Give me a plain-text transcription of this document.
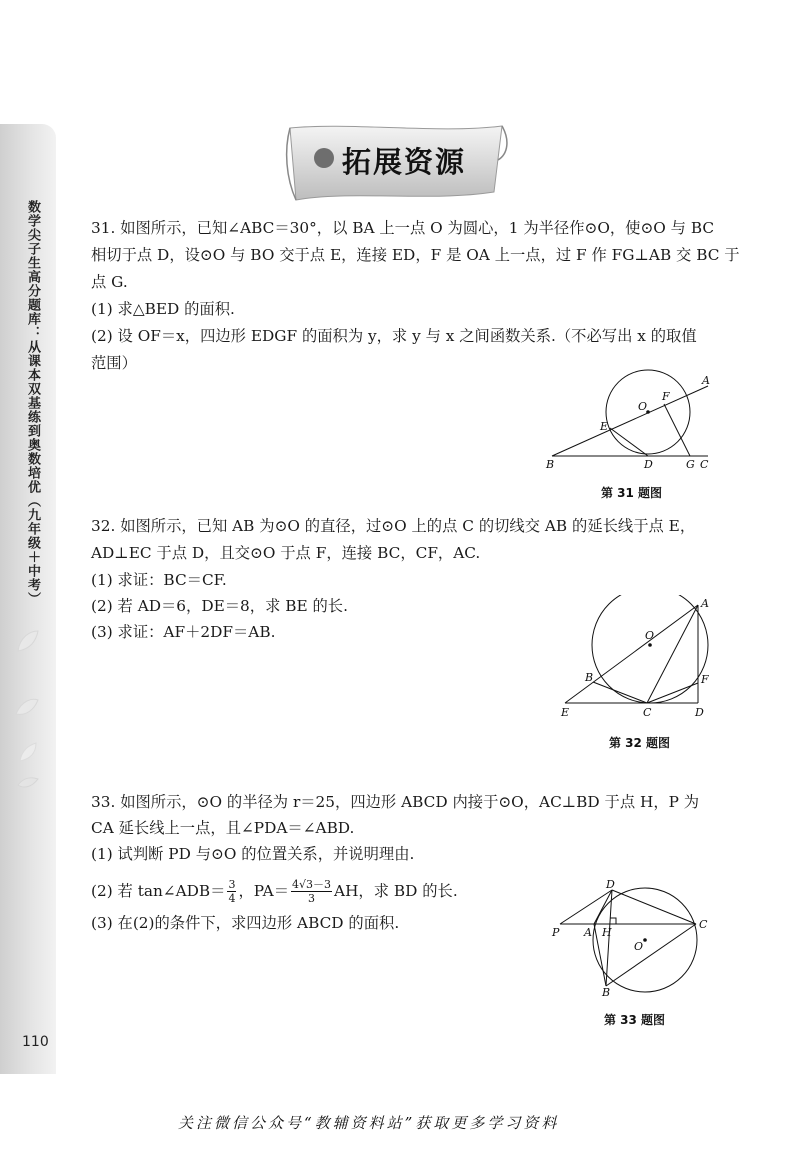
数学尖子生高分题库：从课本双基练到奥数培优（九年级＋中考）
110
拓展资源
31. 如图所示，已知∠ABC＝30°，以 BA 上一点 O 为圆心，1 为半径作⊙O，使⊙O 与 BC
相切于点 D，设⊙O 与 BO 交于点 E，连接 ED，F 是 OA 上一点，过 F 作 FG⊥AB 交 BC 于
点 G.
(1) 求△BED 的面积.
(2) 设 OF＝x，四边形 EDGF 的面积为 y，求 y 与 x 之间函数关系.（不必写出 x 的取值
范围）
A
F
O
E
B	D	G C
第 31 题图
32. 如图所示，已知 AB 为⊙O 的直径，过⊙O 上的点 C 的切线交 AB 的延长线于点 E，
AD⊥EC 于点 D，且交⊙O 于点 F，连接 BC，CF，AC.
(1) 求证：BC＝CF.
(2) 若 AD＝6，DE＝8，求 BE 的长.
(3) 求证：AF＋2DF＝AB.
A
O
F
B
E	C	D
第 32 题图
33. 如图所示，⊙O 的半径为 r＝25，四边形 ABCD 内接于⊙O，AC⊥BD 于点 H，P 为
CA 延长线上一点，且∠PDA＝∠ABD.
(1) 试判断 PD 与⊙O 的位置关系，并说明理由.
(2) 若 tan∠ADB＝ $\frac{3}{4}$ ，$PA= \frac{4√3-3}{3}$ AH，求 BD 的长.
(3) 在(2)的条件下，求四边形 ABCD 的面积.
D
C
P A H
O
B
第 33 题图
关注微信公众号“教辅资料站”获取更多学习资料
